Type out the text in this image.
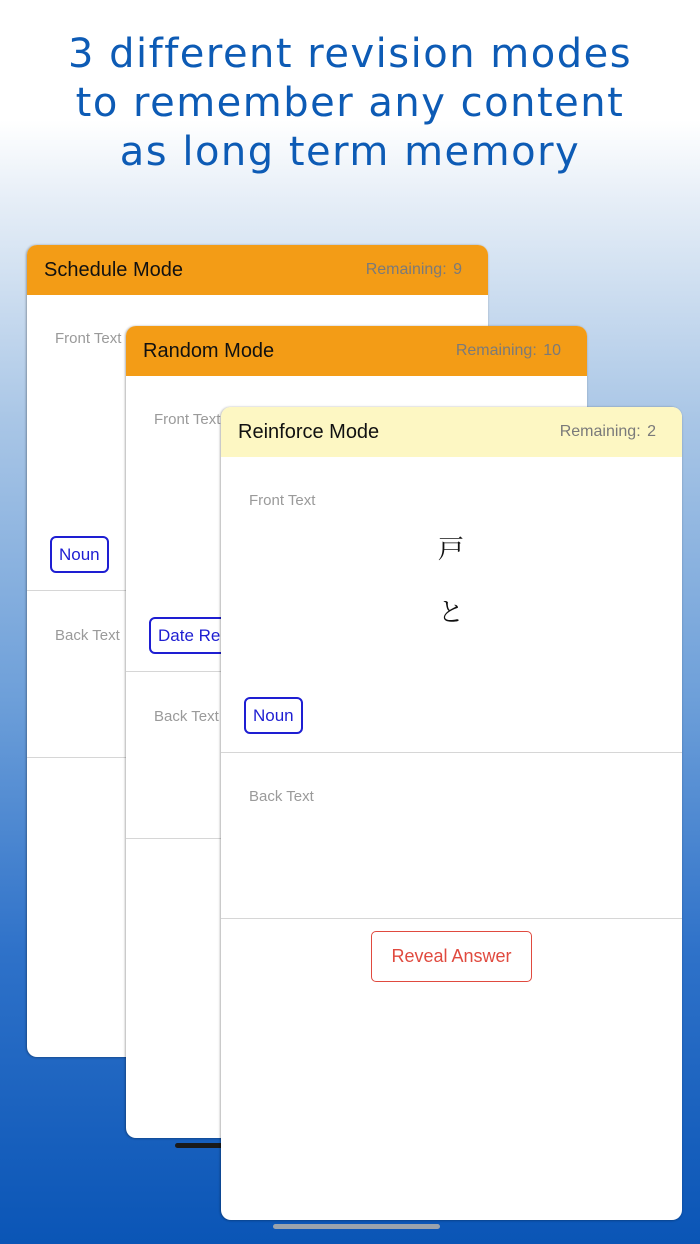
3 different revision modes
to remember any content
as long term memory
Schedule Mode	Remaining: 9
Front Text
Noun
Back Text
Random Mode	Remaining: 10
Front Text
Date Re
Back Text
Reinforce Mode	Remaining: 2
Front Text
戸
と
Noun
Back Text
Reveal Answer
